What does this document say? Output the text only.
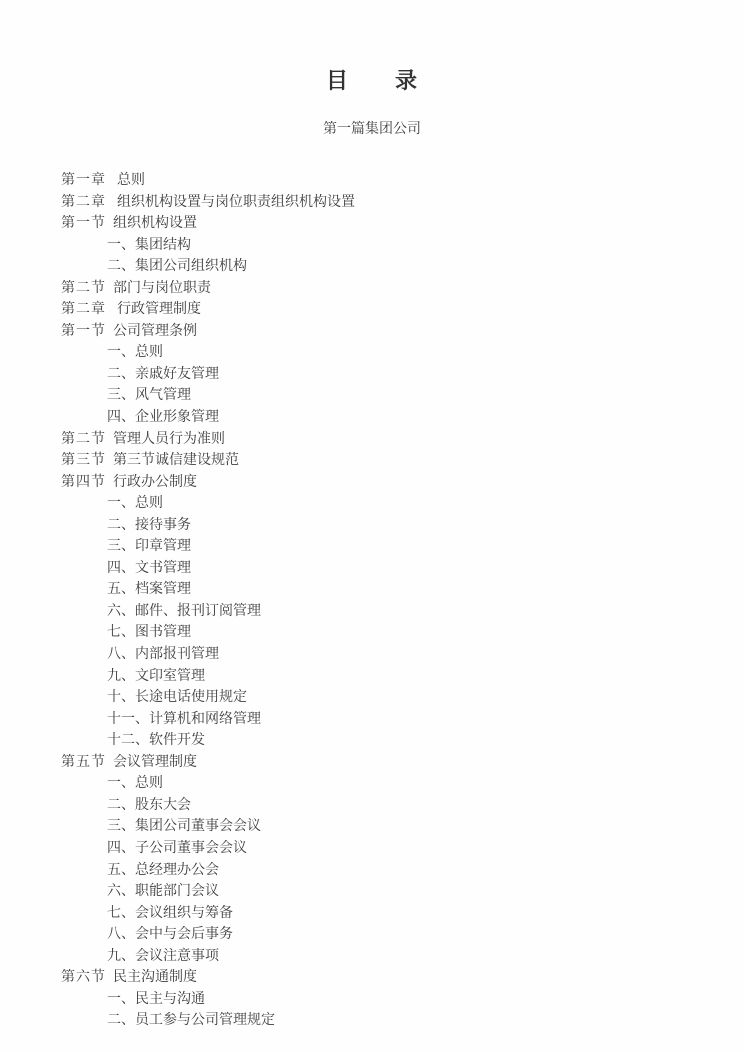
目　　录
第一篇集团公司
第一章 总则
第二章 组织机构设置与岗位职责组织机构设置
第一节 组织机构设置
一、集团结构
二、集团公司组织机构
第二节 部门与岗位职责
第二章 行政管理制度
第一节 公司管理条例
一、总则
二、亲戚好友管理
三、风气管理
四、企业形象管理
第二节 管理人员行为准则
第三节 第三节诚信建设规范
第四节 行政办公制度
一、总则
二、接待事务
三、印章管理
四、文书管理
五、档案管理
六、邮件、报刊订阅管理
七、图书管理
八、内部报刊管理
九、文印室管理
十、长途电话使用规定
十一、计算机和网络管理
十二、软件开发
第五节 会议管理制度
一、总则
二、股东大会
三、集团公司董事会会议
四、子公司董事会会议
五、总经理办公会
六、职能部门会议
七、会议组织与筹备
八、会中与会后事务
九、会议注意事项
第六节 民主沟通制度
一、民主与沟通
二、员工参与公司管理规定
